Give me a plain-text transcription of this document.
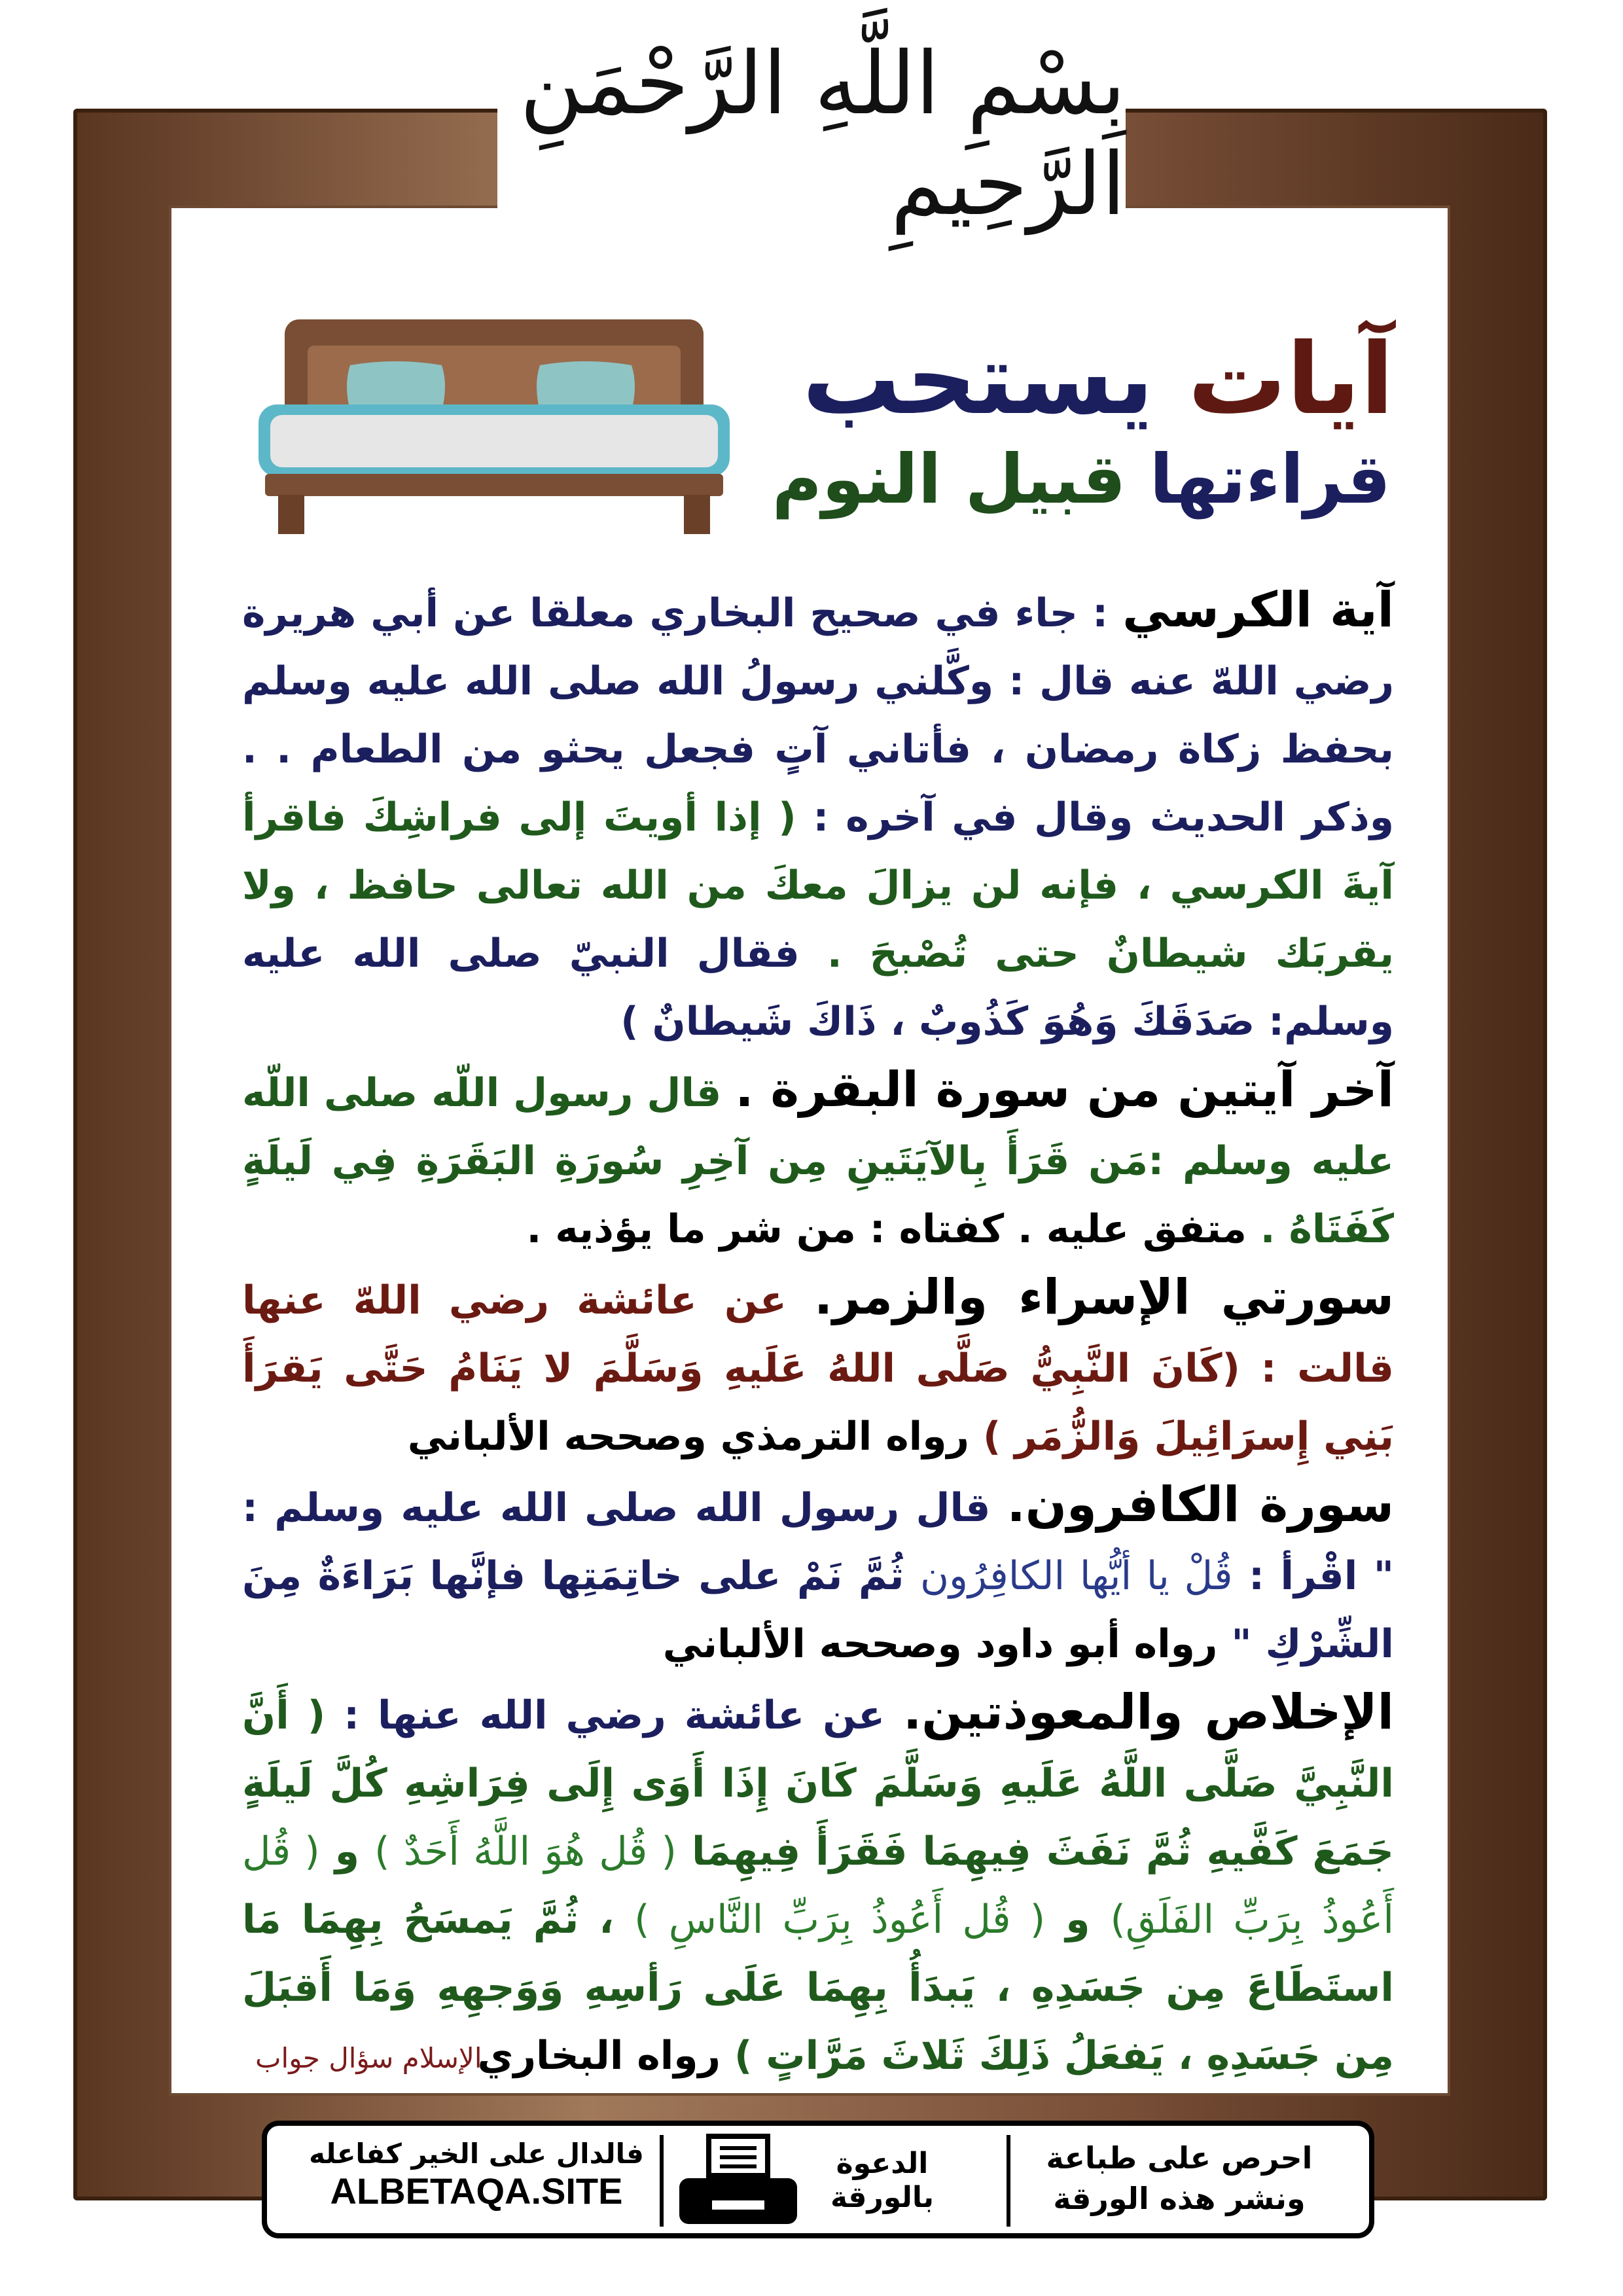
بِسْمِ اللَّهِ الرَّحْمَنِ الرَّحِيمِ
آيات يستحب
قراءتها قبيل النوم

آية الكرسي : جاء في صحيح البخاري معلقا عن أبي هريرة رضي اللهّ عنه قال : وكَّلني رسولُ الله صلى الله عليه وسلم بحفظ زكاة رمضان ، فأتاني آتٍ فجعل يحثو من الطعام . . وذكر الحديث وقال في آخره : ( إذا أويتَ إلى فراشِكَ فاقرأ آيةَ الكرسي ، فإنه لن يزالَ معكَ من الله تعالى حافظ ، ولا يقربَك شيطانٌ حتى تُصْبحَ . فقال النبيّ صلى الله عليه وسلم: صَدَقَكَ وَهُوَ كَذُوبٌ ، ذَاكَ شَيطانٌ )

آخر آيتين من سورة البقرة . قال رسول اللّه صلى اللّه عليه وسلم :مَن قَرَأَ بِالآيَتَينِ مِن آخِرِ سُورَةِ البَقَرَةِ فِي لَيلَةٍ كَفَتَاهُ . متفق عليه . كفتاه : من شر ما يؤذيه .

سورتي الإسراء والزمر. عن عائشة رضي اللهّ عنها قالت : (كَانَ النَّبِيُّ صَلَّى اللهُ عَلَيهِ وَسَلَّمَ لا يَنَامُ حَتَّى يَقرَأَ بَنِي إِسرَائِيلَ وَالزُّمَر ) رواه الترمذي وصححه الألباني

سورة الكافرون. قال رسول الله صلى الله عليه وسلم : " اقْرأ : قُلْ يا أيُّها الكافِرُون ثُمَّ نَمْ على خاتِمَتِها فإنَّها بَرَاءَةٌ مِنَ الشِّرْكِ " رواه أبو داود وصححه الألباني

الإخلاص والمعوذتين. عن عائشة رضي الله عنها : ( أَنَّ النَّبِيَّ صَلَّى اللَّهُ عَلَيهِ وَسَلَّمَ كَانَ إِذَا أَوَى إِلَى فِرَاشِهِ كُلَّ لَيلَةٍ جَمَعَ كَفَّيهِ ثُمَّ نَفَثَ فِيهِمَا فَقَرَأَ فِيهِمَا ( قُل هُوَ اللَّهُ أَحَدٌ ) و ( قُل أَعُوذُ بِرَبِّ الفَلَقِ) و ( قُل أَعُوذُ بِرَبِّ النَّاسِ ) ، ثُمَّ يَمسَحُ بِهِمَا مَا استَطَاعَ مِن جَسَدِهِ ، يَبدَأُ بِهِمَا عَلَى رَأسِهِ وَوَجهِهِ وَمَا أَقبَلَ مِن جَسَدِهِ ، يَفعَلُ ذَلِكَ ثَلاثَ مَرَّاتٍ ) رواه البخاري

الإسلام سؤال جواب
احرص على طباعة
ونشر هذه الورقة
الدعوة
بالورقة
فالدال على الخير كفاعله
ALBETAQA.SITE
